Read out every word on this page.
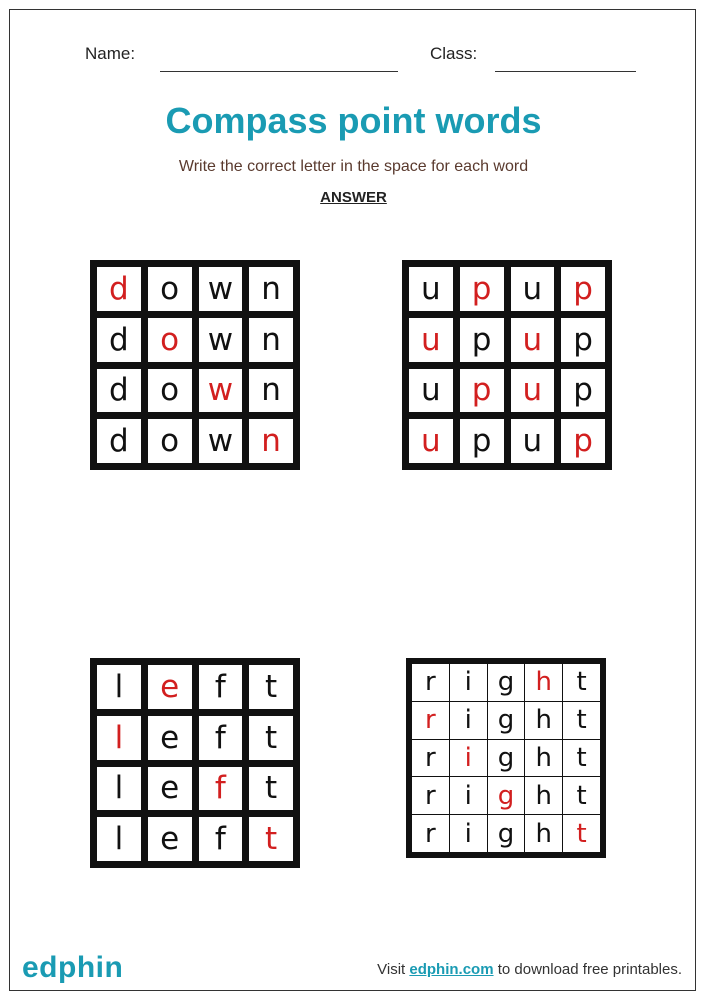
Name:	Class:
Compass point words
Write the correct letter in the space for each word
ANSWER
d	o w n
d	o w n
d	o w n
d	o w n
u	p	u	p
u	p	u	p
u	p	u	p
u	p	u	p
l	e	f	t
l	e	f	t
l	e	f	t
l	e	f	t
r	i g h t
r	i g h t
r	i g h t
r	i g h t
r	i g h t
edphin	Visit edphin.com to download free printables.
